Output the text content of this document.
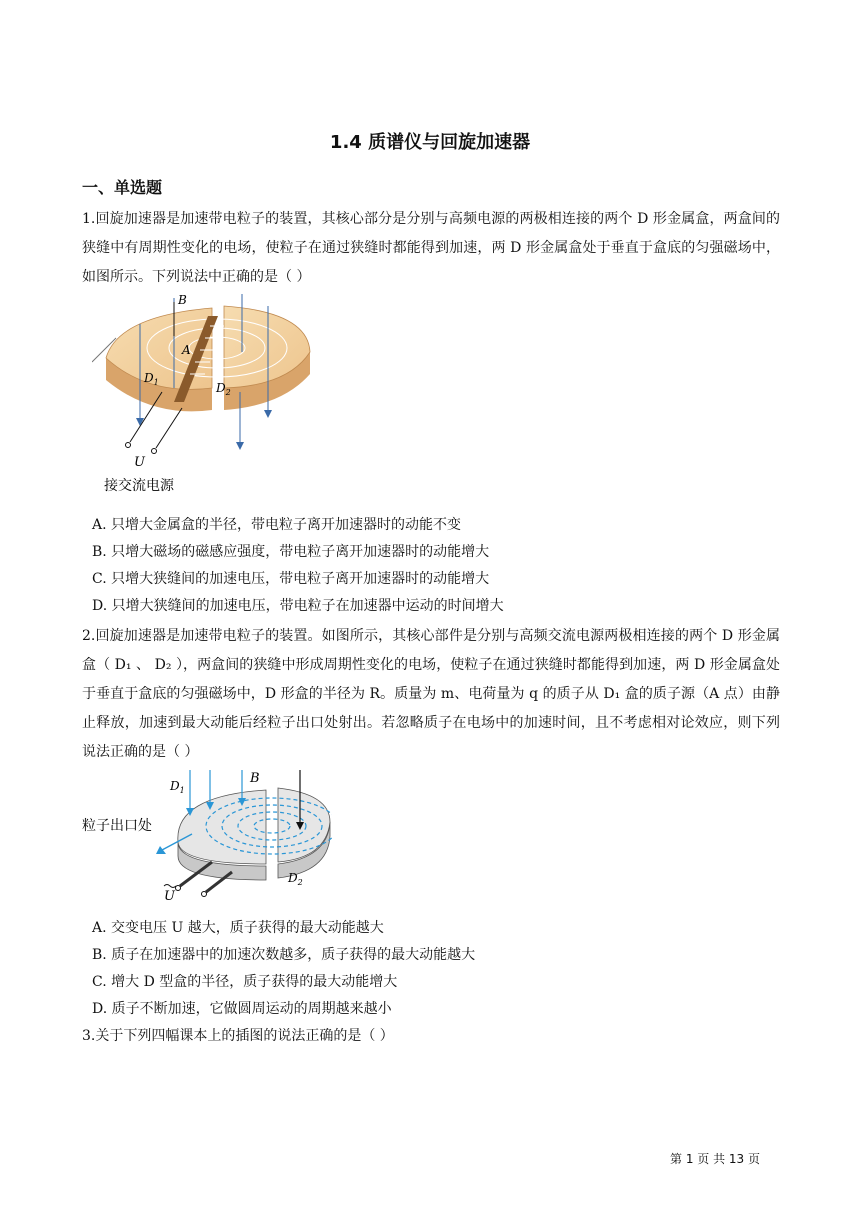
1.4 质谱仪与回旋加速器
一、单选题
1.回旋加速器是加速带电粒子的装置，其核心部分是分别与高频电源的两极相连接的两个 D 形金属盒，两盒间的狭缝中有周期性变化的电场，使粒子在通过狭缝时都能得到加速，两 D 形金属盒处于垂直于盒底的匀强磁场中，如图所示。下列说法中正确的是（ ）
B
A
$D_1$	$D_2$
U
接交流电源
A. 只增大金属盒的半径，带电粒子离开加速器时的动能不变
B. 只增大磁场的磁感应强度，带电粒子离开加速器时的动能增大
C. 只增大狭缝间的加速电压，带电粒子离开加速器时的动能增大
D. 只增大狭缝间的加速电压，带电粒子在加速器中运动的时间增大
2.回旋加速器是加速带电粒子的装置。如图所示，其核心部件是分别与高频交流电源两极相连接的两个 D 形金属盒（ D₁ 、 D₂ ），两盒间的狭缝中形成周期性变化的电场，使粒子在通过狭缝时都能得到加速，两 D 形金属盒处于垂直于盒底的匀强磁场中，D 形盒的半径为 R。质量为 m、电荷量为 q 的质子从 D₁ 盒的质子源（A 点）由静止释放，加速到最大动能后经粒子出口处射出。若忽略质子在电场中的加速时间，且不考虑相对论效应，则下列说法正确的是（ ）
B
$D_1$
$D_2$
U
粒子出口处
A. 交变电压 U 越大，质子获得的最大动能越大
B. 质子在加速器中的加速次数越多，质子获得的最大动能越大
C. 增大 D 型盒的半径，质子获得的最大动能增大
D. 质子不断加速，它做圆周运动的周期越来越小
3.关于下列四幅课本上的插图的说法正确的是（ ）
第 1 页 共 13 页
